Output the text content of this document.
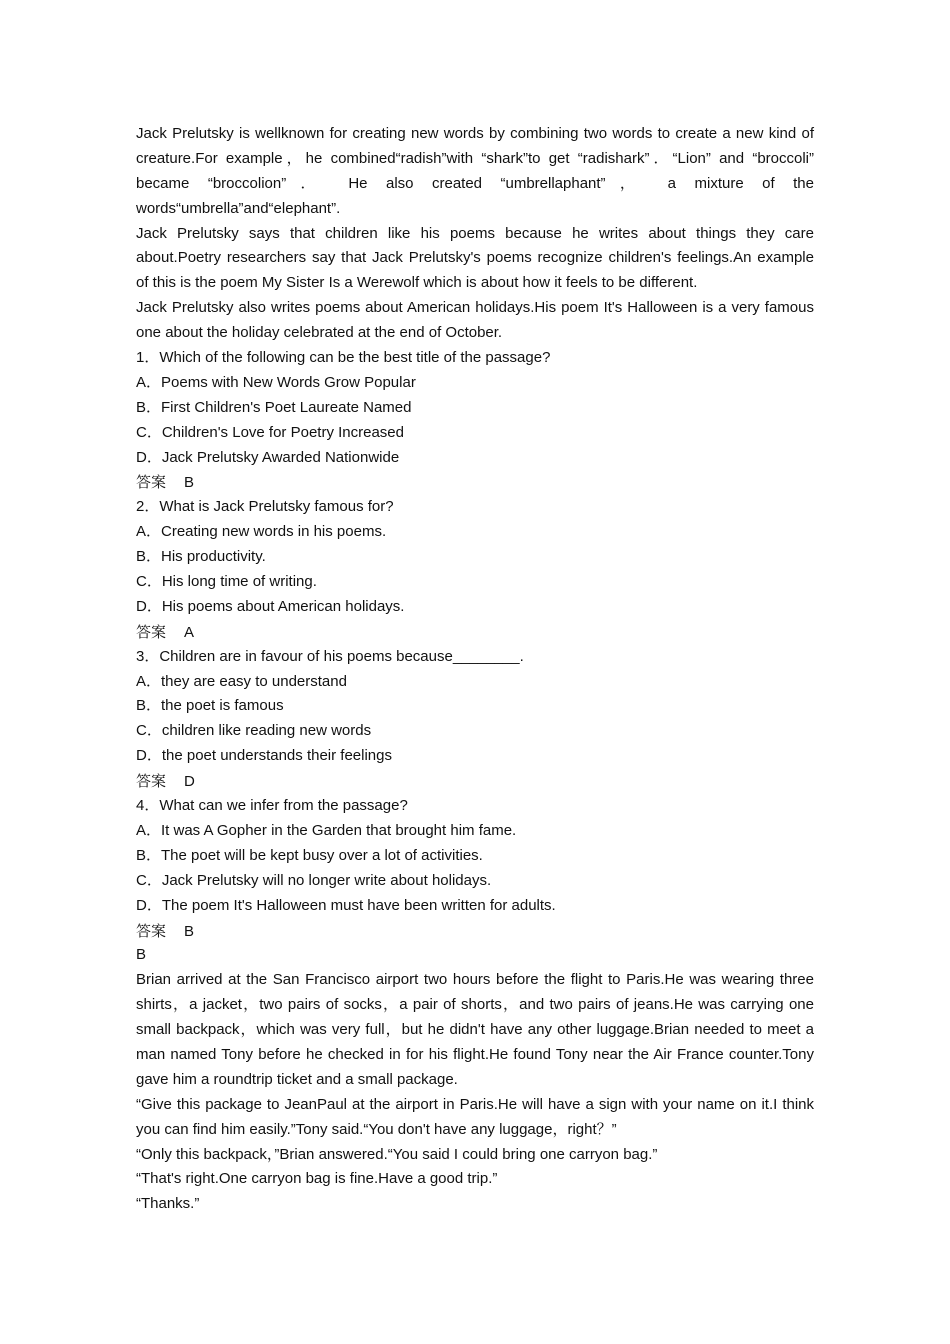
Jack Prelutsky is wellknown for creating new words by combining two words to create a new kind of
creature.For example，he combined“radish”with “shark”to get “radishark”．“Lion” and “broccoli”
became “broccolion”． He also created “umbrellaphant”， a mixture of the
words“umbrella”and“elephant”.
Jack Prelutsky says that children like his poems because he writes about things they care
about.Poetry researchers say that Jack Prelutsky's poems recognize children's feelings.An example
of this is the poem My Sister Is a Werewolf which is about how it feels to be different.
Jack Prelutsky also writes poems about American holidays.His poem It's Halloween is a very famous
one about the holiday celebrated at the end of October.
1．Which of the following can be the best title of the passage?
A．Poems with New Words Grow Popular
B．First Children's Poet Laureate Named
C．Children's Love for Poetry Increased
D．Jack Prelutsky Awarded Nationwide
答案 B
2．What is Jack Prelutsky famous for?
A．Creating new words in his poems.
B．His productivity.
C．His long time of writing.
D．His poems about American holidays.
答案 A
3．Children are in favour of his poems because________.
A．they are easy to understand
B．the poet is famous
C．children like reading new words
D．the poet understands their feelings
答案 D
4．What can we infer from the passage?
A．It was A Gopher in the Garden that brought him fame.
B．The poet will be kept busy over a lot of activities.
C．Jack Prelutsky will no longer write about holidays.
D．The poem It's Halloween must have been written for adults.
答案 B
B
Brian arrived at the San Francisco airport two hours before the flight to Paris.He was wearing three
shirts，a jacket，two pairs of socks，a pair of shorts，and two pairs of jeans.He was carrying one
small backpack，which was very full，but he didn't have any other luggage.Brian needed to meet a
man named Tony before he checked in for his flight.He found Tony near the Air France counter.Tony
gave him a roundtrip ticket and a small package.
“Give this package to JeanPaul at the airport in Paris.He will have a sign with your name on it.I think
you can find him easily.”Tony said.“You don't have any luggage，right？”
“Only this backpack，”Brian answered.“You said I could bring one carryon bag.”
“That's right.One carryon bag is fine.Have a good trip.”
“Thanks.”
